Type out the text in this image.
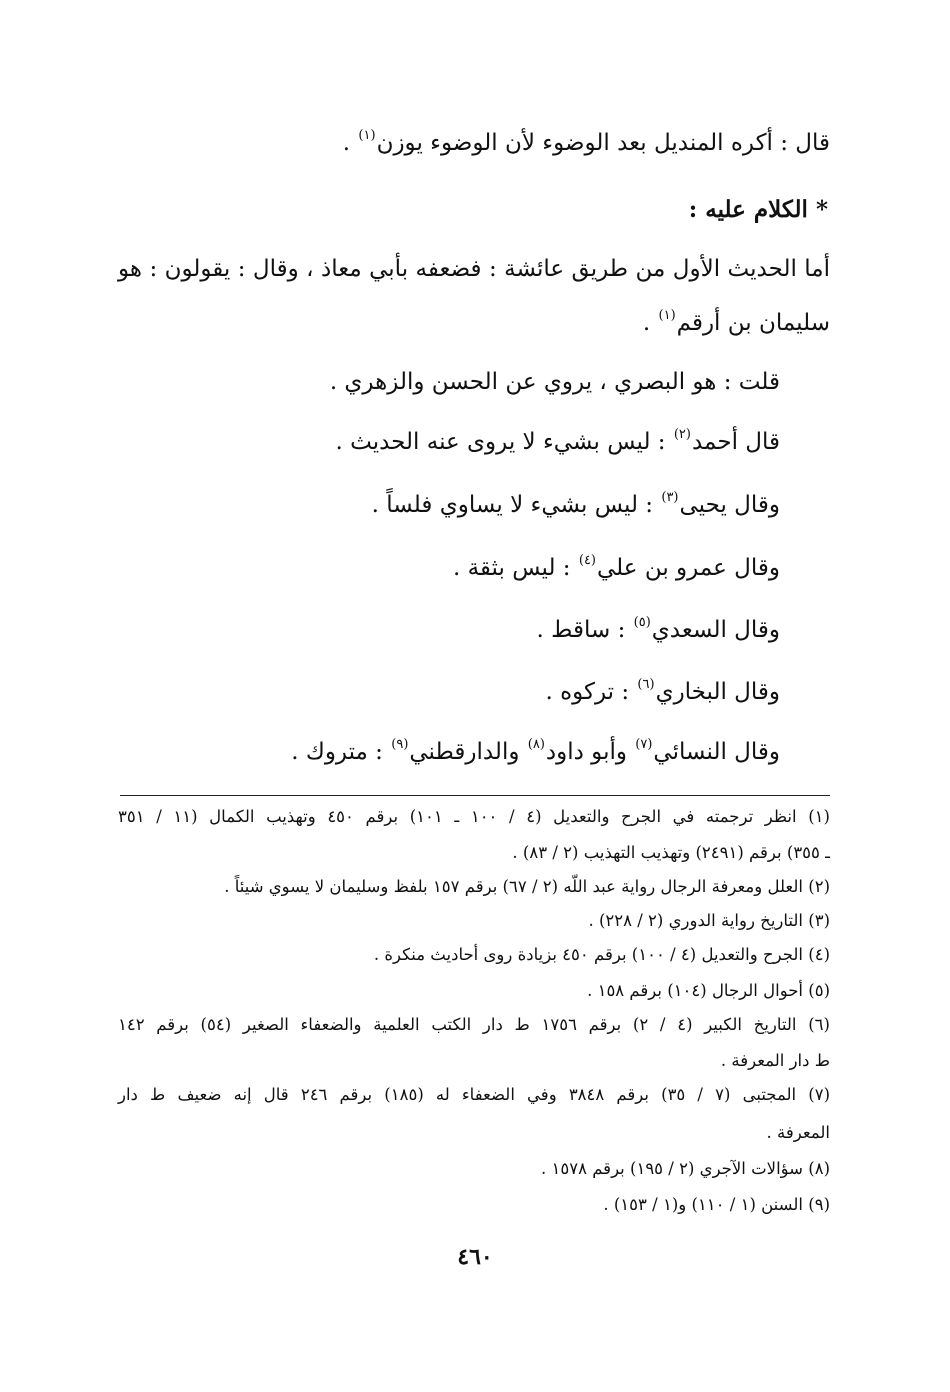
قال : أكره المنديل بعد الوضوء لأن الوضوء يوزن$^{(١)}$ .
* الكلام عليه :
أما الحديث الأول من طريق عائشة : فضعفه بأبي معاذ ، وقال : يقولون : هو
سليمان بن أرقم$^{(١)}$ .
قلت : هو البصري ، يروي عن الحسن والزهري .
قال أحمد$^{(٢)}$ : ليس بشيء لا يروى عنه الحديث .
وقال يحيى$^{(٣)}$ : ليس بشيء لا يساوي فلساً .
وقال عمرو بن علي$^{(٤)}$ : ليس بثقة .
وقال السعدي$^{(٥)}$ : ساقط .
وقال البخاري$^{(٦)}$ : تركوه .
وقال النسائي$^{(٧)}$ وأبو داود$^{(٨)}$ والدارقطني$^{(٩)}$ : متروك .
(١) انظر ترجمته في الجرح والتعديل (٤ / ١٠٠ ـ ١٠١) برقم ٤٥٠ وتهذيب الكمال (١١ / ٣٥١
ـ ٣٥٥) برقم (٢٤٩١) وتهذيب التهذيب (٢ / ٨٣) .
(٢) العلل ومعرفة الرجال رواية عبد اللّه (٢ / ٦٧) برقم ١٥٧ بلفظ وسليمان لا يسوي شيئاً .
(٣) التاريخ رواية الدوري (٢ / ٢٢٨) .
(٤) الجرح والتعديل (٤ / ١٠٠) برقم ٤٥٠ بزيادة روى أحاديث منكرة .
(٥) أحوال الرجال (١٠٤) برقم ١٥٨ .
(٦) التاريخ الكبير (٤ / ٢) برقم ١٧٥٦ ط دار الكتب العلمية والضعفاء الصغير (٥٤) برقم ١٤٢
ط دار المعرفة .
(٧) المجتبى (٧ / ٣٥) برقم ٣٨٤٨ وفي الضعفاء له (١٨٥) برقم ٢٤٦ قال إنه ضعيف ط دار
المعرفة .
(٨) سؤالات الآجري (٢ / ١٩٥) برقم ١٥٧٨ .
(٩) السنن (١ / ١١٠) و(١ / ١٥٣) .
٤٦٠
